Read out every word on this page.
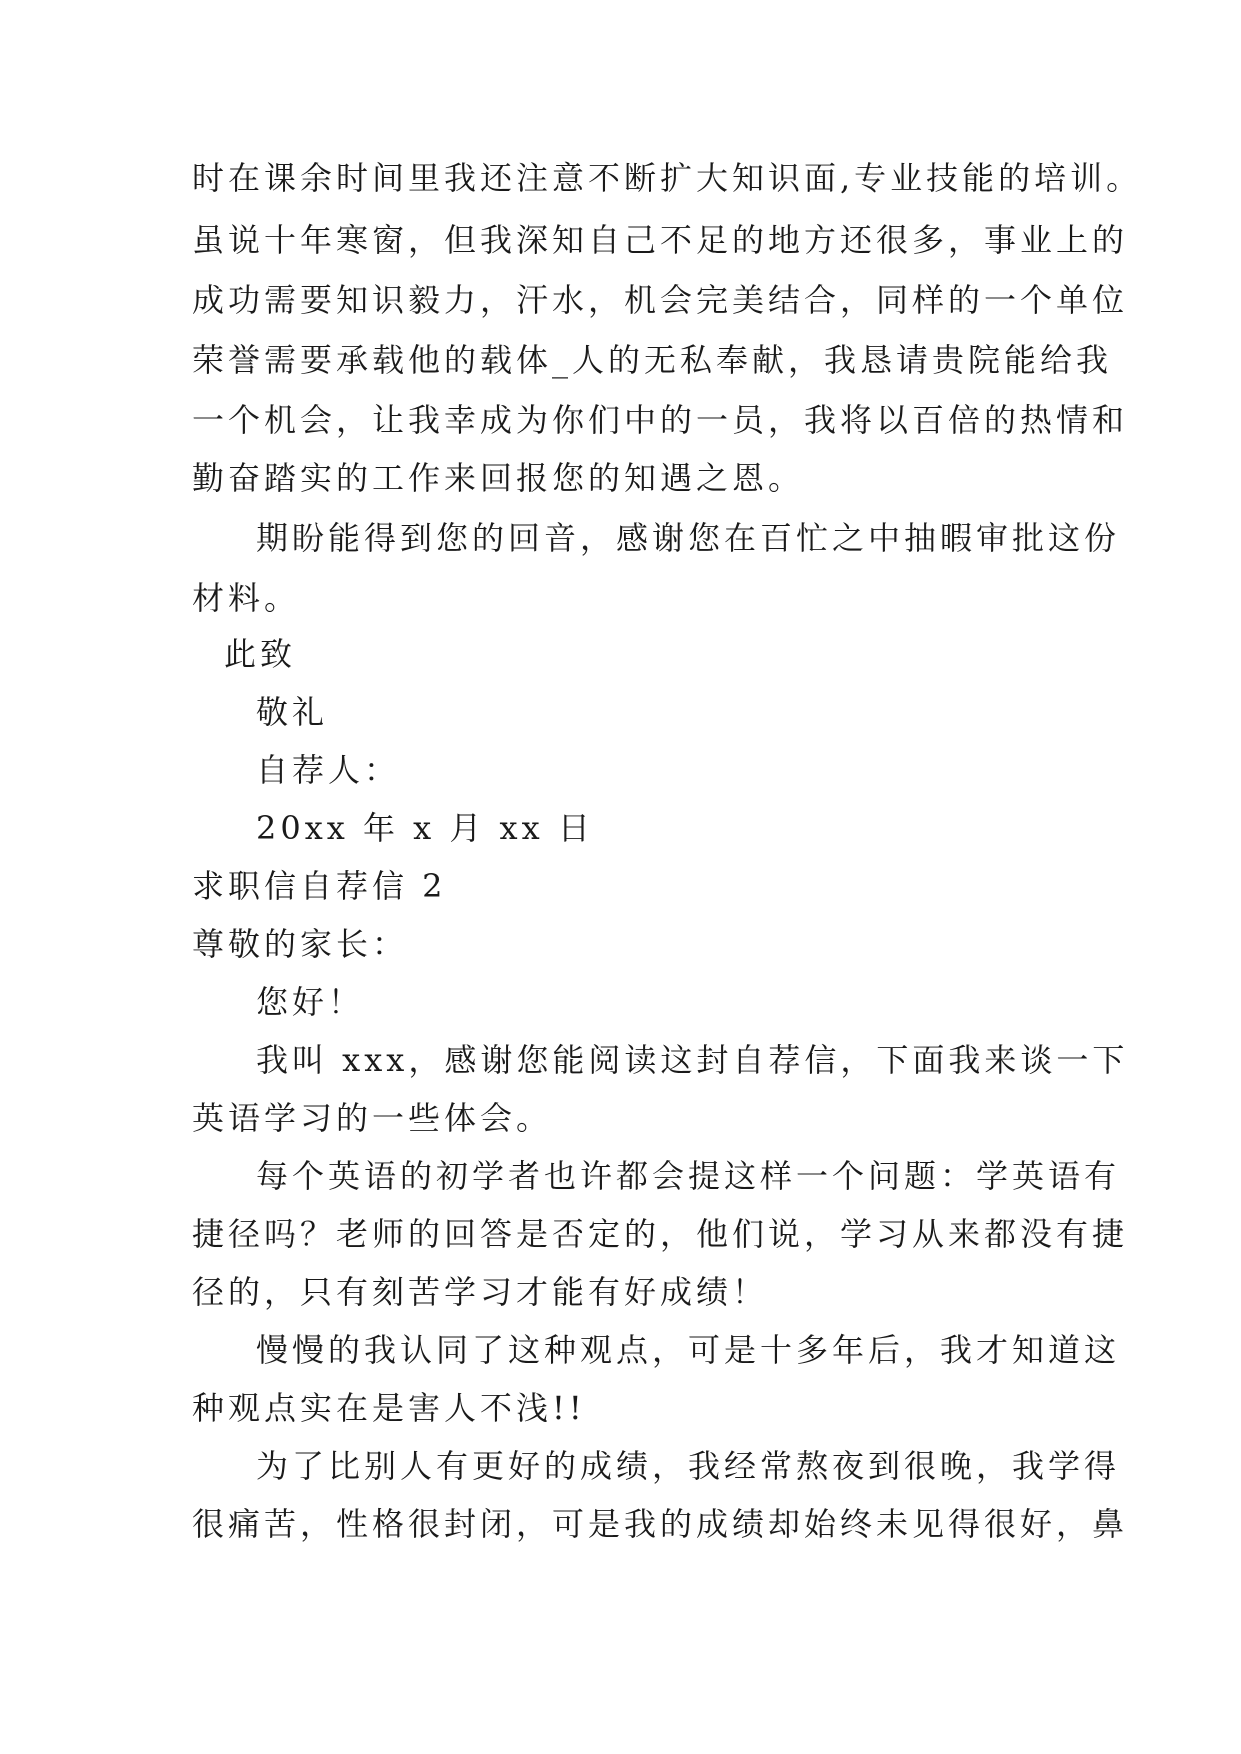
时在课余时间里我还注意不断扩大知识面,专业技能的培训。
虽说十年寒窗，但我深知自己不足的地方还很多，事业上的
成功需要知识毅力，汗水，机会完美结合，同样的一个单位
荣誉需要承载他的载体_人的无私奉献，我恳请贵院能给我
一个机会，让我幸成为你们中的一员，我将以百倍的热情和
勤奋踏实的工作来回报您的知遇之恩。
期盼能得到您的回音，感谢您在百忙之中抽暇审批这份
材料。
此致
敬礼
自荐人：
20xx 年 x 月 xx 日
求职信自荐信 2
尊敬的家长：
您好！
我叫 xxx，感谢您能阅读这封自荐信，下面我来谈一下
英语学习的一些体会。
每个英语的初学者也许都会提这样一个问题：学英语有
捷径吗？老师的回答是否定的，他们说，学习从来都没有捷
径的，只有刻苦学习才能有好成绩！
慢慢的我认同了这种观点，可是十多年后，我才知道这
种观点实在是害人不浅!!
为了比别人有更好的成绩，我经常熬夜到很晚，我学得
很痛苦，性格很封闭，可是我的成绩却始终未见得很好，鼻
